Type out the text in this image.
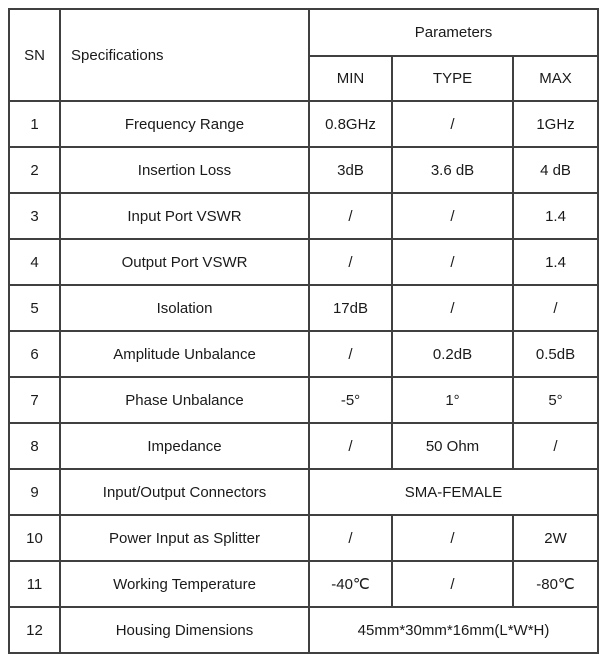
SN	Specifications	Parameters		
		MIN	TYPE	MAX
1	Frequency Range	0.8GHz	/	1GHz
2	Insertion Loss	3dB	3.6 dB	4 dB
3	Input Port VSWR	/	/	1.4
4	Output Port VSWR	/	/	1.4
5	Isolation	17dB	/	/
6	Amplitude Unbalance	/	0.2dB	0.5dB
7	Phase Unbalance	-5°	1°	5°
8	Impedance	/	50 Ohm	/
9	Input/Output Connectors	SMA-FEMALE		
10	Power Input as Splitter	/	/	2W
11	Working Temperature	-40℃	/	-80℃
12	Housing Dimensions	45mm*30mm*16mm(L*W*H)		
